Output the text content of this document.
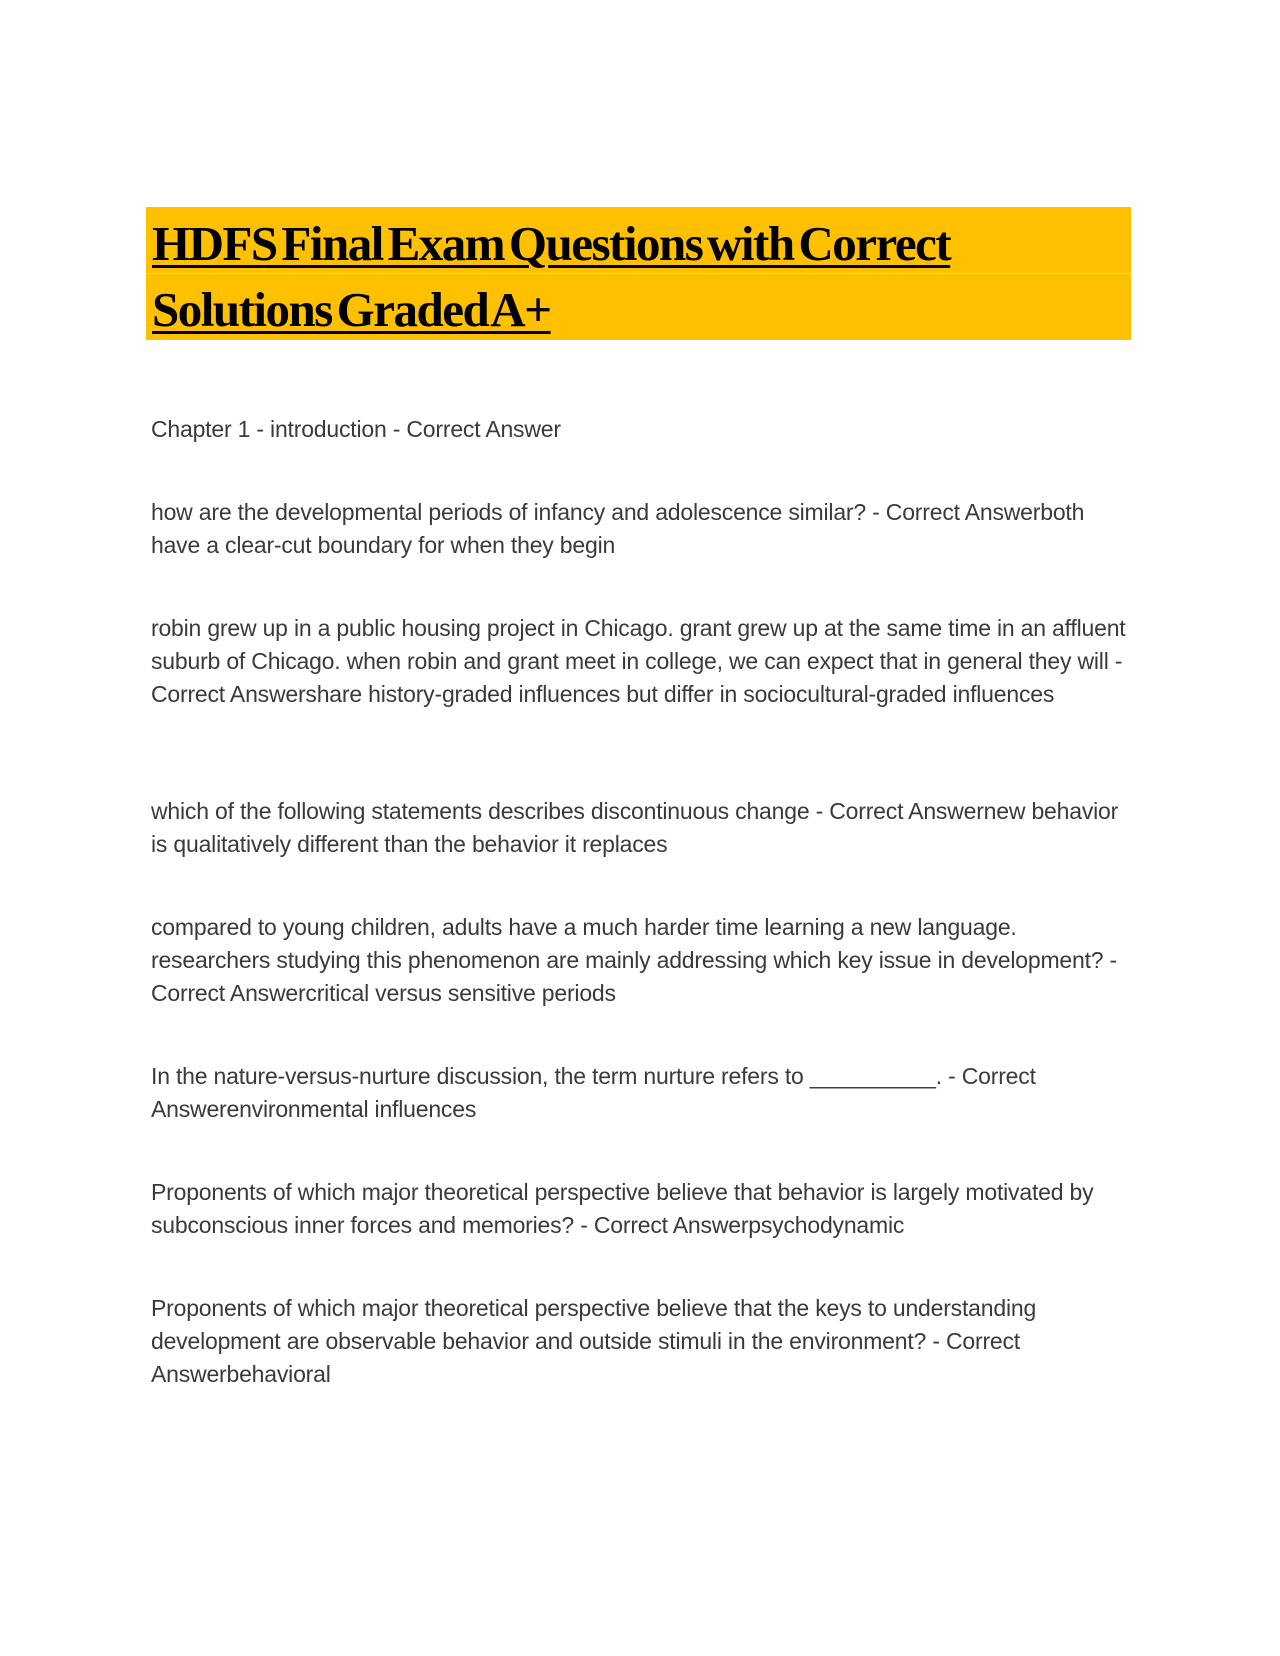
HDFS Final Exam Questions with Correct
Solutions Graded A+

Chapter 1 - introduction - Correct Answer

how are the developmental periods of infancy and adolescence similar? - Correct Answerboth have a clear-cut boundary for when they begin

robin grew up in a public housing project in Chicago. grant grew up at the same time in an affluent suburb of Chicago. when robin and grant meet in college, we can expect that in general they will - Correct Answershare history-graded influences but differ in sociocultural-graded influences

which of the following statements describes discontinuous change - Correct Answernew behavior is qualitatively different than the behavior it replaces

compared to young children, adults have a much harder time learning a new language. researchers studying this phenomenon are mainly addressing which key issue in development? - Correct Answercritical versus sensitive periods

In the nature-versus-nurture discussion, the term nurture refers to __________. - Correct Answerenvironmental influences

Proponents of which major theoretical perspective believe that behavior is largely motivated by subconscious inner forces and memories? - Correct Answerpsychodynamic

Proponents of which major theoretical perspective believe that the keys to understanding development are observable behavior and outside stimuli in the environment? - Correct Answerbehavioral
